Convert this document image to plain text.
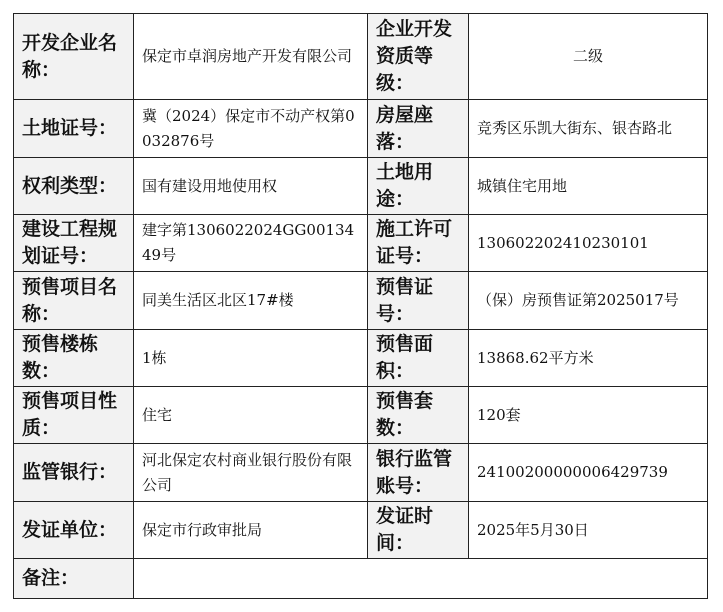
开发企业名称：	保定市卓润房地产开发有限公司	企业开发资质等级：	二级
土地证号：	冀（2024）保定市不动产权第0032876号	房屋座落：	竞秀区乐凯大街东、银杏路北
权利类型：	国有建设用地使用权	土地用途：	城镇住宅用地
建设工程规划证号：	建字第1306022024GG0013449号	施工许可证号：	130602202410230101
预售项目名称：	同美生活区北区17#楼	预售证号：	（保）房预售证第2025017号
预售楼栋数：	1栋	预售面积：	13868.62平方米
预售项目性质：	住宅	预售套数：	120套
监管银行：	河北保定农村商业银行股份有限公司	银行监管账号：	24100200000006429739
发证单位：	保定市行政审批局	发证时间：	2025年5月30日
备注：			
